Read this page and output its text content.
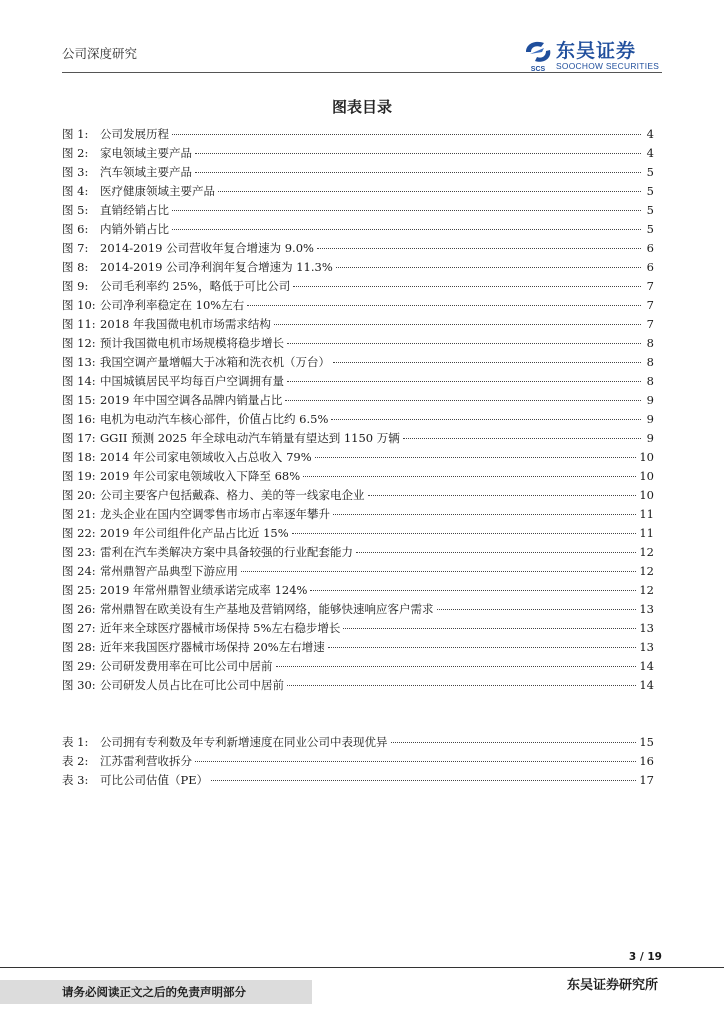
公司深度研究
SCS
东吴证券
SOOCHOW SECURITIES
图表目录
图 1:	公司发展历程	4
图 2:	家电领域主要产品	4
图 3:	汽车领域主要产品	5
图 4:	医疗健康领域主要产品	5
图 5:	直销经销占比	5
图 6:	内销外销占比	5
图 7:	2014-2019 公司营收年复合增速为 9.0%	6
图 8:	2014-2019 公司净利润年复合增速为 11.3%	6
图 9:	公司毛利率约 25%，略低于可比公司	7
图 10: 公司净利率稳定在 10%左右	7
图 11: 2018 年我国微电机市场需求结构	7
图 12: 预计我国微电机市场规模将稳步增长	8
图 13: 我国空调产量增幅大于冰箱和洗衣机（万台）	8
图 14: 中国城镇居民平均每百户空调拥有量	8
图 15: 2019 年中国空调各品牌内销量占比	9
图 16: 电机为电动汽车核心部件，价值占比约 6.5%	9
图 17: GGII 预测 2025 年全球电动汽车销量有望达到 1150 万辆	9
图 18: 2014 年公司家电领域收入占总收入 79%	10
图 19: 2019 年公司家电领域收入下降至 68%	10
图 20: 公司主要客户包括戴森、格力、美的等一线家电企业	10
图 21: 龙头企业在国内空调零售市场市占率逐年攀升	11
图 22: 2019 年公司组件化产品占比近 15%	11
图 23: 雷利在汽车类解决方案中具备较强的行业配套能力	12
图 24: 常州鼎智产品典型下游应用	12
图 25: 2019 年常州鼎智业绩承诺完成率 124%	12
图 26: 常州鼎智在欧美设有生产基地及营销网络，能够快速响应客户需求	13
图 27: 近年来全球医疗器械市场保持 5%左右稳步增长	13
图 28: 近年来我国医疗器械市场保持 20%左右增速	13
图 29: 公司研发费用率在可比公司中居前	14
图 30: 公司研发人员占比在可比公司中居前	14
表 1:	公司拥有专利数及年专利新增速度在同业公司中表现优异	15
表 2:	江苏雷利营收拆分	16
表 3:	可比公司估值（PE）	17
3 / 19
请务必阅读正文之后的免责声明部分	东吴证券研究所
